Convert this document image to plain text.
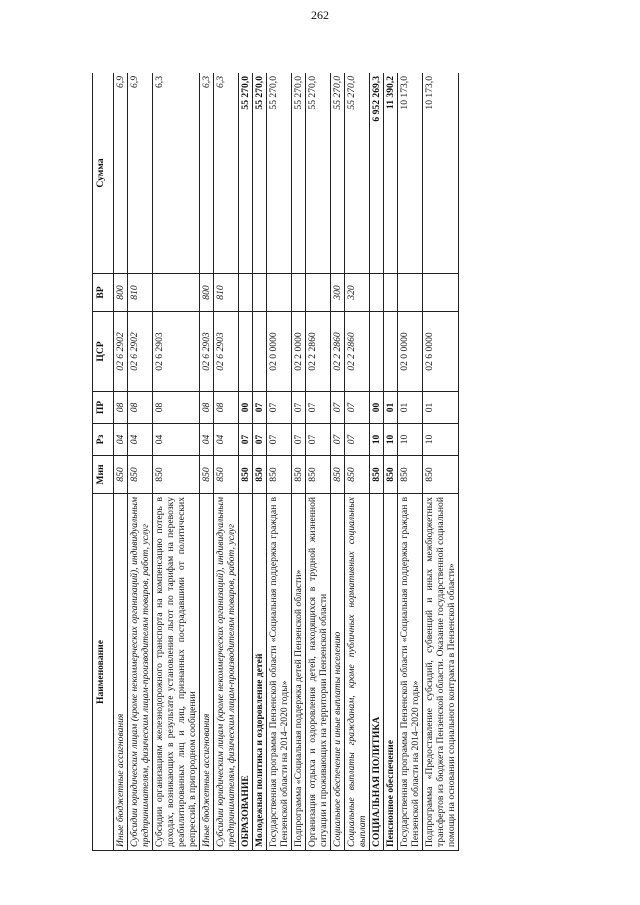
262
Наименование	Мин	Рз	ПР	ЦСР	ВР	Сумма
Иные бюджетные ассигнования	850	04	08	02 6 2902	800	6,9
Субсидии юридическим лицам (кроме некоммерческих организаций), индивидуальным предпринимателям, физическим лицам-производителям товаров, работ, услуг	850	04	08	02 6 2902	810	6,9
Субсидии организациям железнодорожного транспорта на компенсацию потерь в доходах, возникающих в результате установления льгот по тарифам на перевозку реабилитированных лиц и лиц, признанных пострадавшими от политических репрессий, в пригородном сообщении	850	04	08	02 6 2903		6,3
Иные бюджетные ассигнования	850	04	08	02 6 2903	800	6,3
Субсидии юридическим лицам (кроме некоммерческих организаций), индивидуальным предпринимателям, физическим лицам-производителям товаров, работ, услуг	850	04	08	02 6 2903	810	6,3
ОБРАЗОВАНИЕ	850	07	00			55 270,0
Молодежная политика и оздоровление детей	850	07	07			55 270,0
Государственная программа Пензенской области «Социальная поддержка граждан в Пензенской области на 2014–2020 годы»	850	07	07	02 0 0000		55 270,0
Подпрограмма «Социальная поддержка детей Пензенской области»	850	07	07	02 2 0000		55 270,0
Организация отдыха и оздоровления детей, находящихся в трудной жизненной ситуации и проживающих на территории Пензенской области	850	07	07	02 2 2860		55 270,0
Социальное обеспечение и иные выплаты населению	850	07	07	02 2 2860	300	55 270,0
Социальные выплаты гражданам, кроме публичных нормативных социальных выплат	850	07	07	02 2 2860	320	55 270,0
СОЦИАЛЬНАЯ ПОЛИТИКА	850	10	00			6 952 269,3
Пенсионное обеспечение	850	10	01			11 390,2
Государственная программа Пензенской области «Социальная поддержка граждан в Пензенской области на 2014–2020 годы»	850	10	01	02 0 0000		10 173,0
Подпрограмма «Предоставление субсидий, субвенций и иных межбюджетных трансфертов из бюджета Пензенской области. Оказание государственной социальной помощи на основании социального контракта в Пензенской области»	850	10	01	02 6 0000		10 173,0
